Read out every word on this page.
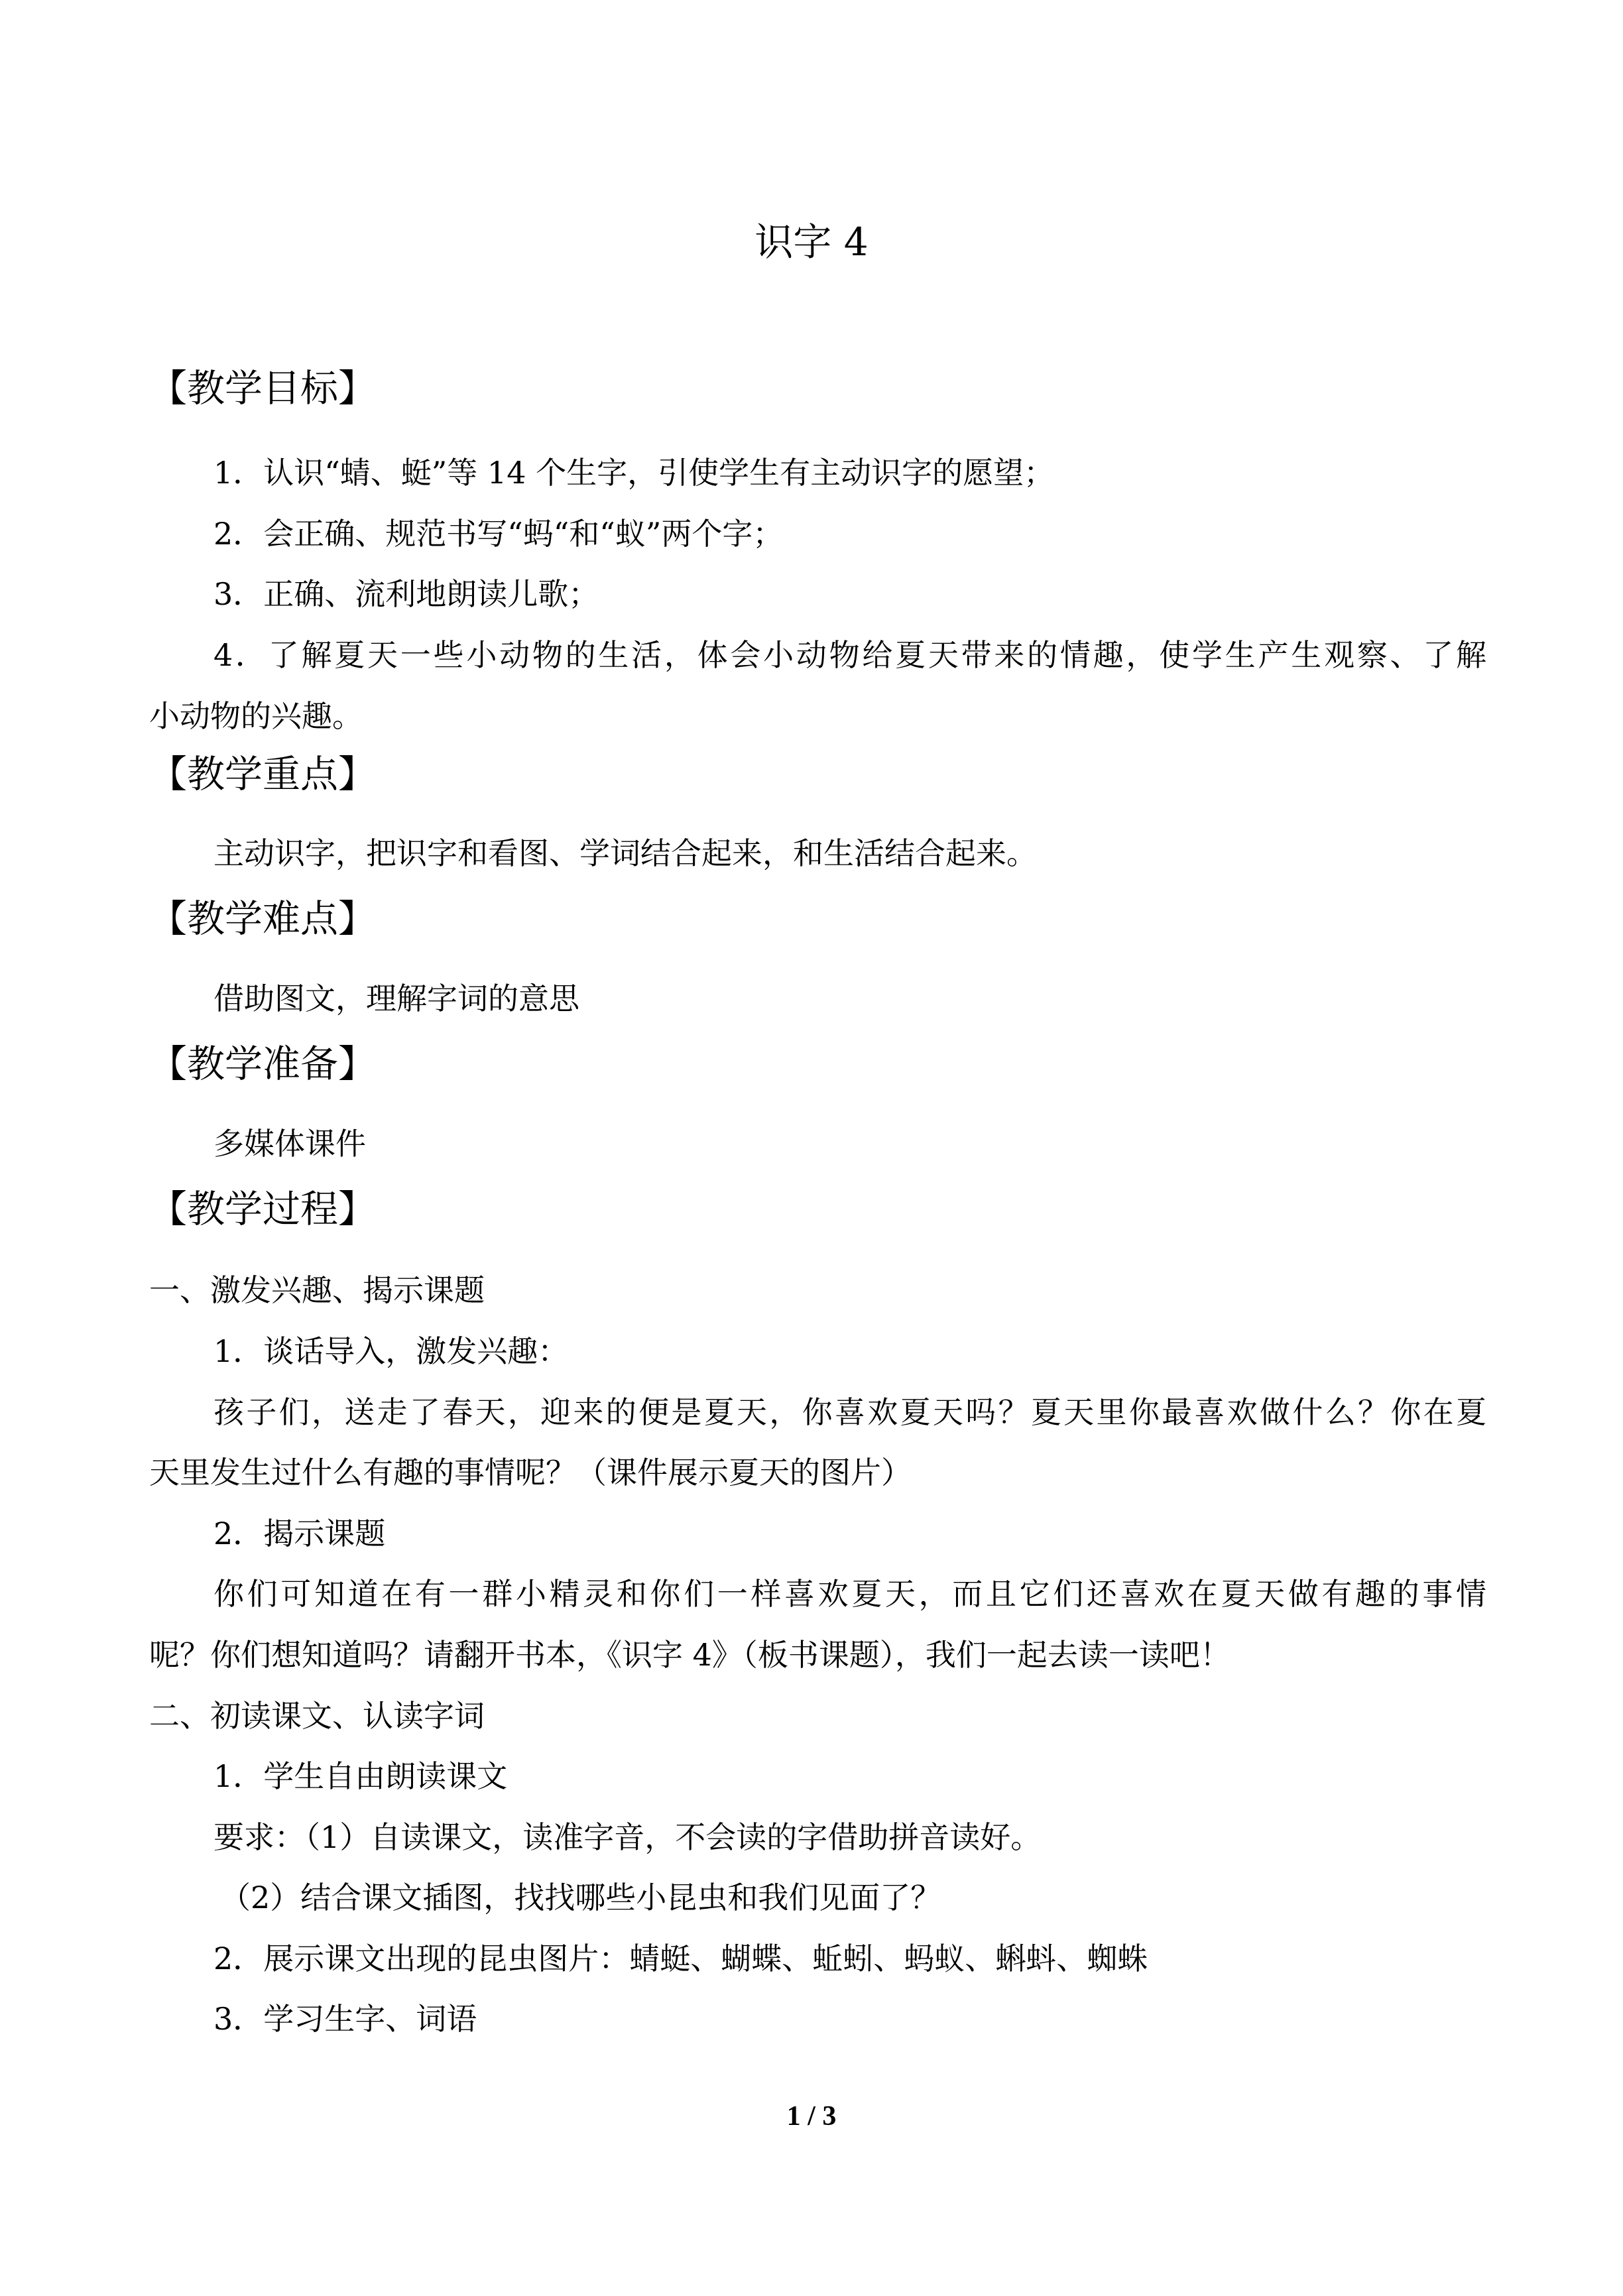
识字 4
【教学目标】
1．认识“蜻、蜓”等 14 个生字，引使学生有主动识字的愿望；
2．会正确、规范书写“蚂“和“蚁”两个字；
3．正确、流利地朗读儿歌；
4．了解夏天一些小动物的生活，体会小动物给夏天带来的情趣，使学生产生观察、了解
小动物的兴趣。
【教学重点】
主动识字，把识字和看图、学词结合起来，和生活结合起来。
【教学难点】
借助图文，理解字词的意思
【教学准备】
多媒体课件
【教学过程】
一、激发兴趣、揭示课题
1．谈话导入，激发兴趣：
孩子们，送走了春天，迎来的便是夏天，你喜欢夏天吗？夏天里你最喜欢做什么？你在夏
天里发生过什么有趣的事情呢？（课件展示夏天的图片）
2．揭示课题
你们可知道在有一群小精灵和你们一样喜欢夏天，而且它们还喜欢在夏天做有趣的事情
呢？你们想知道吗？请翻开书本，《识字 4》（板书课题），我们一起去读一读吧！
二、初读课文、认读字词
1．学生自由朗读课文
要求：（1）自读课文，读准字音，不会读的字借助拼音读好。
（2）结合课文插图，找找哪些小昆虫和我们见面了？
2．展示课文出现的昆虫图片：蜻蜓、蝴蝶、蚯蚓、蚂蚁、蝌蚪、蜘蛛
3．学习生字、词语
1 / 3
